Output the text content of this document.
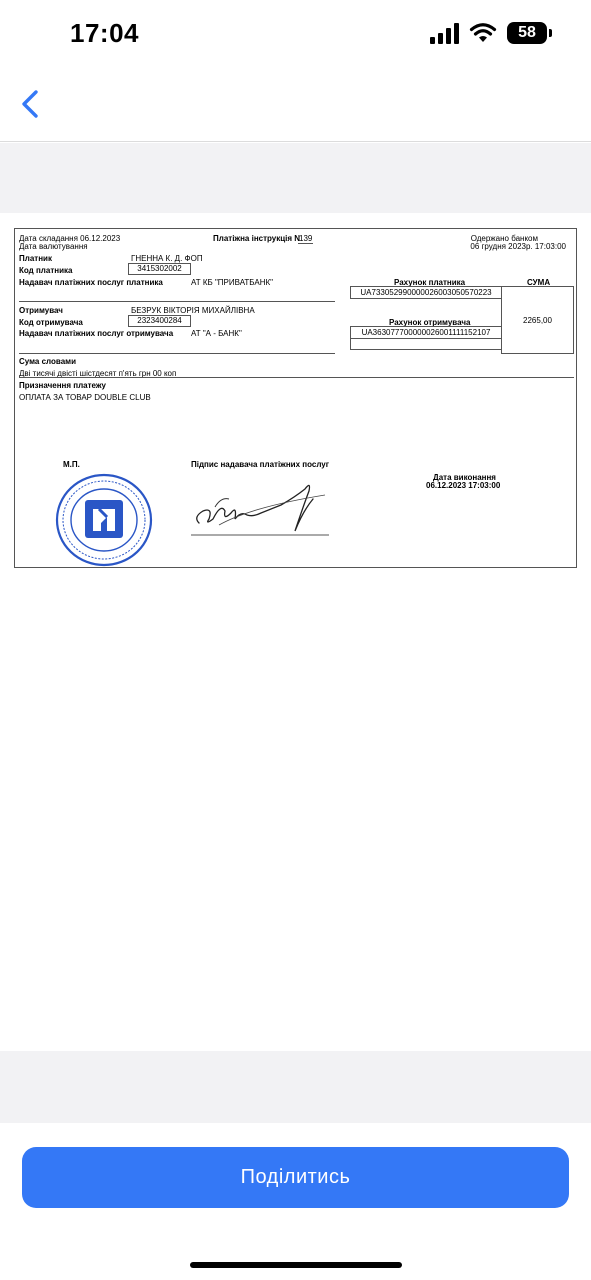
17:04	58
Дата складання 06.12.2023
Дата валютування
Платіжна інструкція N
139	Одержано банком
06 грудня 2023р. 17:03:00
Платник	ГНЕННА К. Д. ФОП
Код платника	3415302002
Надавач платіжних послуг платника	АТ КБ "ПРИВАТБАНК"	Рахунок платника	СУМА
UA733052990000026003050570223
2265,00
Отримувач	БЕЗРУК ВІКТОРІЯ МИХАЙЛІВНА
Код отримувача	2323400284	Рахунок отримувача
Надавач платіжних послуг отримувача АТ "А - БАНК"	UA363077700000026001111152107
Сума словами
Дві тисячі двісті шістдесят п'ять грн 00 коп
Призначення платежу
ОПЛАТА ЗА ТОВАР DOUBLE CLUB
М.П.	Підпис надавача платіжних послуг
Дата виконання
06.12.2023 17:03:00
Поділитись
